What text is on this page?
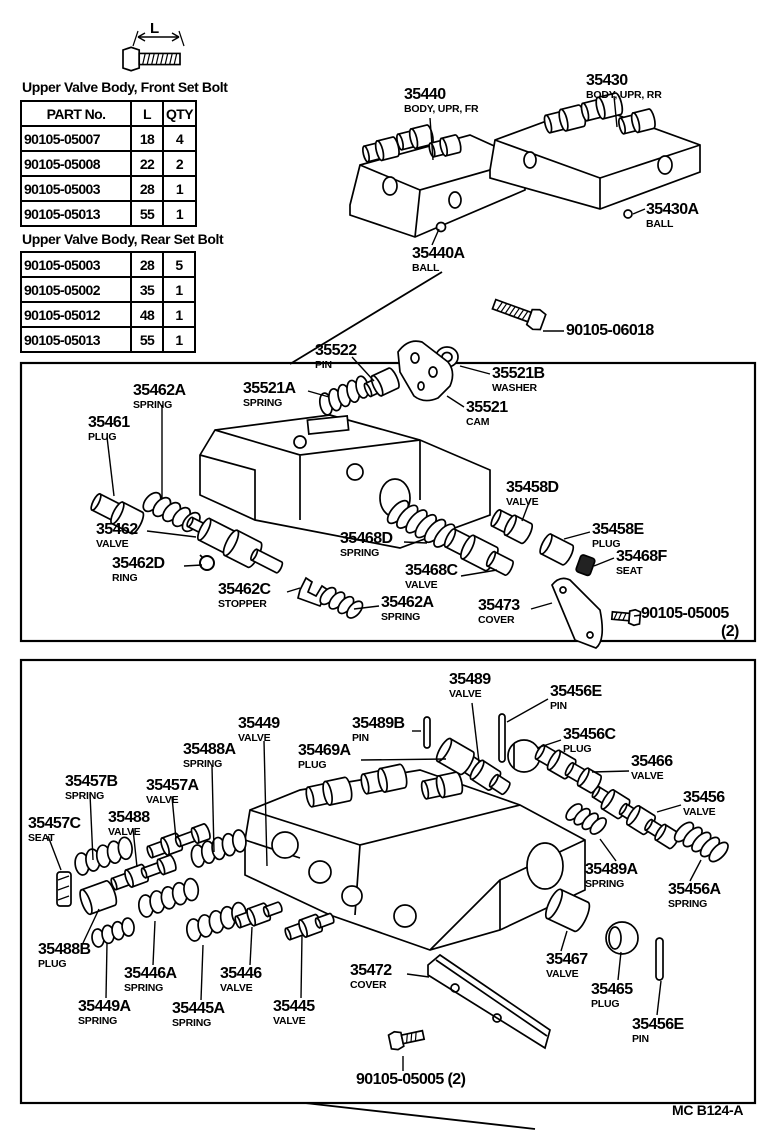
L
Upper Valve Body, Front Set Bolt
PART No.	L	QTY
90105-05007	18	4
90105-05008	22	2
90105-05003	28	1
90105-05013	55	1
Upper Valve Body, Rear Set Bolt
90105-05003	28	5
90105-05002	35	1
90105-05012	48	1
90105-05013	55	1
35440
BODY, UPR, FR
35430
BODY, UPR, RR
35430A
BALL
35440A
BALL
35522
PIN
35521A
SPRING
90105-06018
35521B
WASHER
35521
CAM
35462A
SPRING
35461
PLUG
35462
VALVE
35462D
RING
35462C
STOPPER
35468D
SPRING
35462A
SPRING
35468C
VALVE
35458D
VALVE
35458E
PLUG
35468F
SEAT
35473
COVER	90105-05005
(2)
35489
VALVE	35456E
PIN
35489B
PIN
35449
VALVE
35469A
PLUG
35456C
PLUG
35466
VALVE
35456
VALVE
35489A
SPRING	35456A
SPRING
35488A
SPRING
35457B
SPRING
35457A
VALVE
35488
VALVE
35457C
SEAT
35488B
PLUG
35446A
SPRING
35446
VALVE
35449A
SPRING
35445A
SPRING
35445
VALVE
35472
COVER
90105-05005 (2)
35467
VALVE
35465
PLUG
35456E
PIN
MC B124-A
